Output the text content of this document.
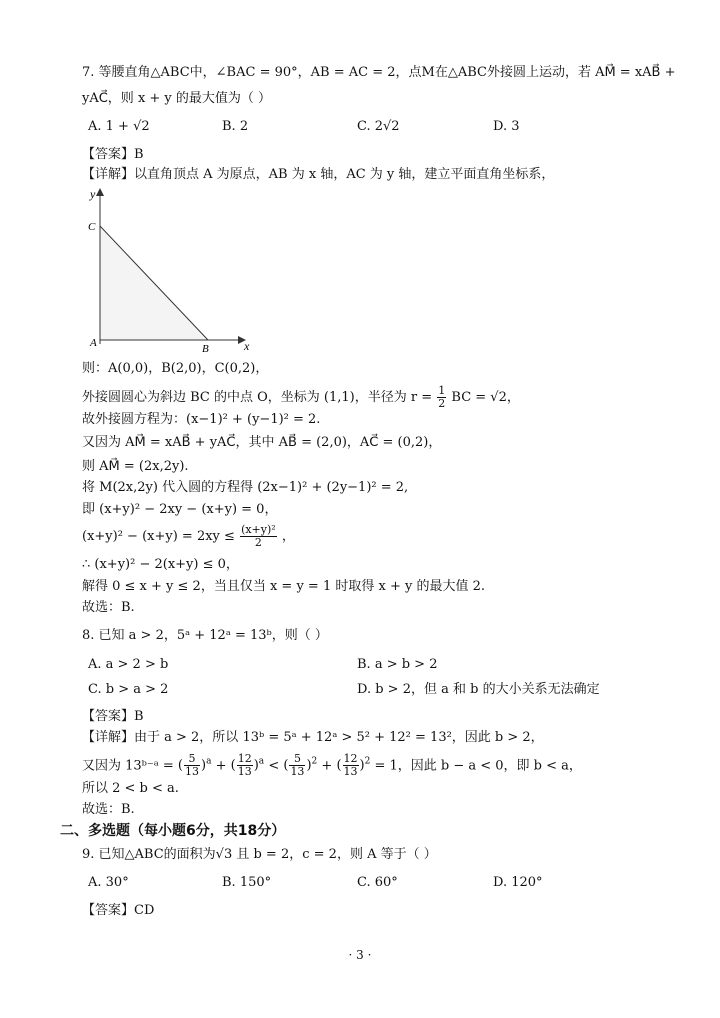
7. 等腰直角△ABC中，∠BAC = 90°，AB = AC = 2，点M在△ABC外接圆上运动，若 AM⃗ = xAB⃗ +
yAC⃗，则 x + y 的最大值为（ ）
A. 1 + √2	B. 2	C. 2√2	D. 3
【答案】B
【详解】以直角顶点 A 为原点，AB 为 x 轴，AC 为 y 轴，建立平面直角坐标系，
y
C
A	B	x
则：A(0,0)，B(2,0)，C(0,2)，
外接圆圆心为斜边 BC 的中点 O，坐标为 (1,1)，半径为 $r = \frac{1}{2}$ BC = √2，
故外接圆方程为：(x−1)² + (y−1)² = 2.
又因为 AM⃗ = xAB⃗ + yAC⃗，其中 AB⃗ = (2,0)，AC⃗ = (0,2)，
则 AM⃗ = (2x,2y).
将 M(2x,2y) 代入圆的方程得 (2x−1)² + (2y−1)² = 2,
即 (x+y)² − 2xy − (x+y) = 0，
$(x+y)^2 - (x+y) = 2xy \le \frac{\text{(x+y)²}}{2}$ ，
∴ (x+y)² − 2(x+y) ≤ 0，
解得 0 ≤ x + y ≤ 2，当且仅当 x = y = 1 时取得 x + y 的最大值 2.
故选：B.
8. 已知 a > 2，5ᵃ + 12ᵃ = 13ᵇ，则（ ）
A. a > 2 > b	B. a > b > 2
C. b > a > 2	D. b > 2，但 a 和 b 的大小关系无法确定
【答案】B
【详解】由于 a > 2，所以 13ᵇ = 5ᵃ + 12ᵃ > 5² + 12² = 13²，因此 b > 2，
又因为 13ᵇ⁻ᵃ = ( $\frac{5}{13} )^a$ + ( $\frac{12}{13} )^a$ < ( $\frac{5}{13} )^2$ + ( $\frac{12}{13} )^2 = 1$，因此 b − a < 0，即 b < a，
所以 2 < b < a.
故选：B.
二、多选题（每小题6分，共18分）
9. 已知△ABC的面积为√3 且 b = 2，c = 2，则 A 等于（ ）
A. 30°	B. 150°	C. 60°	D. 120°
【答案】CD
· 3 ·
